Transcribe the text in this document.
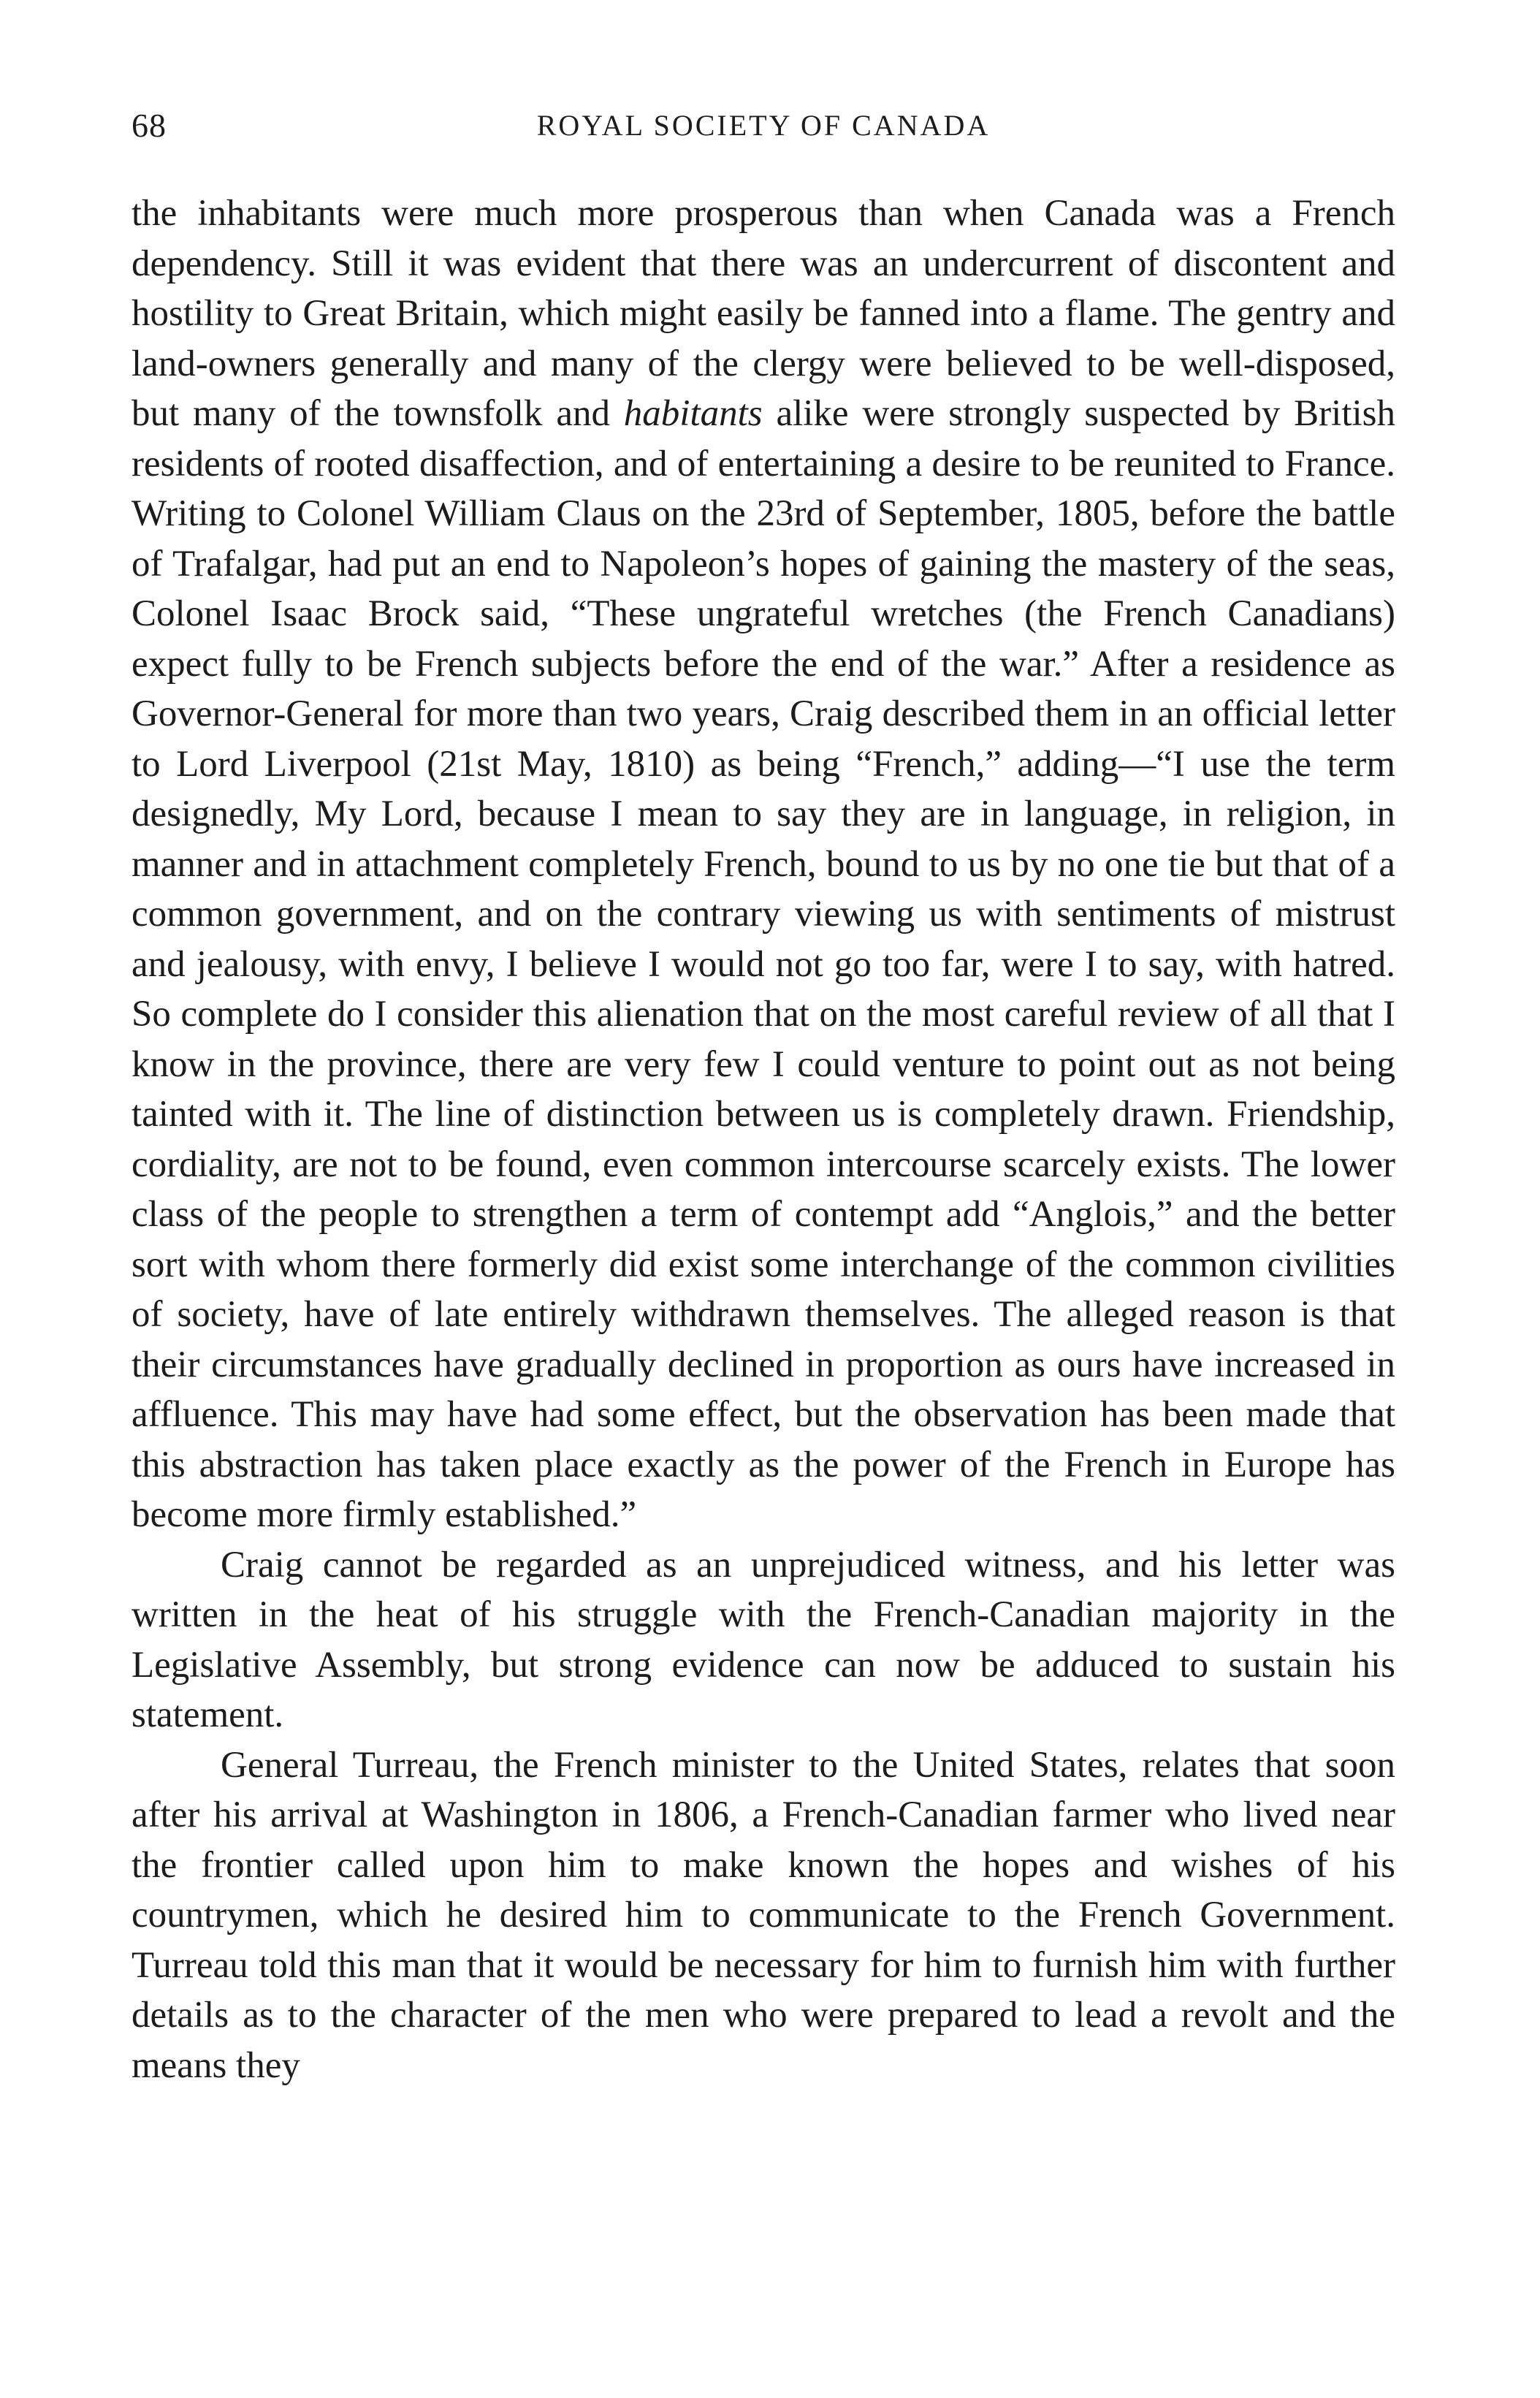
68	ROYAL SOCIETY OF CANADA

the inhabitants were much more prosperous than when Canada was a French dependency. Still it was evident that there was an undercurrent of discontent and hostility to Great Britain, which might easily be fanned into a flame. The gentry and land-owners generally and many of the clergy were believed to be well-disposed, but many of the townsfolk and habitants alike were strongly suspected by British residents of rooted disaffection, and of entertaining a desire to be reunited to France. Writing to Colonel William Claus on the 23rd of September, 1805, before the battle of Trafalgar, had put an end to Napoleon’s hopes of gaining the mastery of the seas, Colonel Isaac Brock said, “These ungrateful wretches (the French Canadians) expect fully to be French subjects before the end of the war.” After a residence as Governor-General for more than two years, Craig described them in an official letter to Lord Liverpool (21st May, 1810) as being “French,” adding—“I use the term designedly, My Lord, because I mean to say they are in language, in religion, in manner and in attachment completely French, bound to us by no one tie but that of a common government, and on the contrary viewing us with sentiments of mistrust and jealousy, with envy, I believe I would not go too far, were I to say, with hatred. So complete do I consider this alienation that on the most careful review of all that I know in the province, there are very few I could venture to point out as not being tainted with it. The line of distinction between us is completely drawn. Friendship, cordiality, are not to be found, even common intercourse scarcely exists. The lower class of the people to strengthen a term of contempt add “Anglois,” and the better sort with whom there formerly did exist some interchange of the common civilities of society, have of late entirely withdrawn themselves. The alleged reason is that their circumstances have gradually declined in proportion as ours have increased in affluence. This may have had some effect, but the observation has been made that this abstraction has taken place exactly as the power of the French in Europe has become more firmly established.”

Craig cannot be regarded as an unprejudiced witness, and his letter was written in the heat of his struggle with the French-Canadian majority in the Legislative Assembly, but strong evidence can now be adduced to sustain his statement.

General Turreau, the French minister to the United States, relates that soon after his arrival at Washington in 1806, a French-Canadian farmer who lived near the frontier called upon him to make known the hopes and wishes of his countrymen, which he desired him to communicate to the French Government. Turreau told this man that it would be necessary for him to furnish him with further details as to the character of the men who were prepared to lead a revolt and the means they
